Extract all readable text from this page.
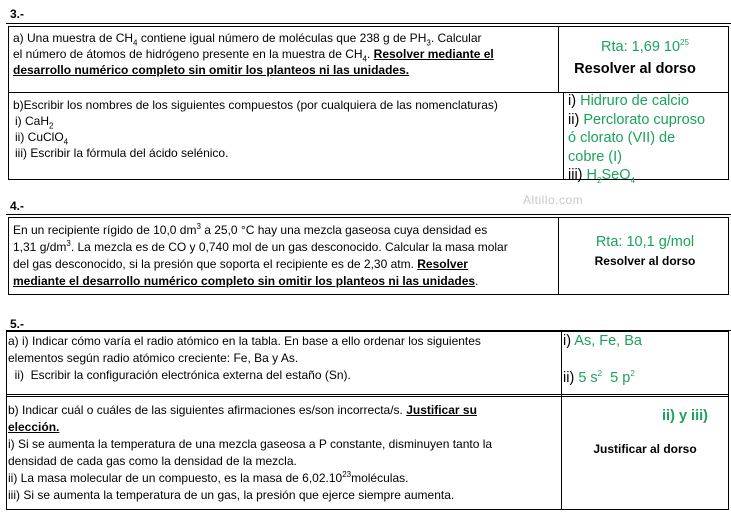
3.-
a) Una muestra de $CH_4$ contiene igual número de moléculas que 238 g de $PH_3$. Calcular
el número de átomos de hidrógeno presente en la muestra de $CH_4$. Resolver mediante el
desarrollo numérico completo sin omitir los planteos ni las unidades.
Rta: 1,69 $10^{25}$
Resolver al dorso
b)Escribir los nombres de los siguientes compuestos (por cualquiera de las nomenclaturas)
i) CaH$_2$
ii) CuClO$_4$
iii) Escribir la fórmula del ácido selénico.
i) Hidruro de calcio
ii) Perclorato cuproso
ó clorato (VII) de
cobre (I)
iii) $H_2SeO_4$
Altillo.com
4.-
En un recipiente rígido de 10,0 $dm^3$ a 25,0 °C hay una mezcla gaseosa cuya densidad es
1,31 $g/dm^3$. La mezcla es de CO y 0,740 mol de un gas desconocido. Calcular la masa molar
del gas desconocido, si la presión que soporta el recipiente es de 2,30 atm. Resolver
mediante el desarrollo numérico completo sin omitir los planteos ni las unidades.
Rta: 10,1 g/mol
Resolver al dorso
5.-
a) i) Indicar cómo varía el radio atómico en la tabla. En base a ello ordenar los siguientes
elementos según radio atómico creciente: Fe, Ba y As.
ii)  Escribir la configuración electrónica externa del estaño (Sn).
i) As, Fe, Ba
ii) 5 $s^2$  5 $p^2$
b) Indicar cuál o cuáles de las siguientes afirmaciones es/son incorrecta/s. Justificar su
elección.
i) Si se aumenta la temperatura de una mezcla gaseosa a P constante, disminuyen tanto la
densidad de cada gas como la densidad de la mezcla.
ii) La masa molecular de un compuesto, es la masa de 6,02.10$^{23}$moléculas.
iii) Si se aumenta la temperatura de un gas, la presión que ejerce siempre aumenta.
ii) y iii)
Justificar al dorso
